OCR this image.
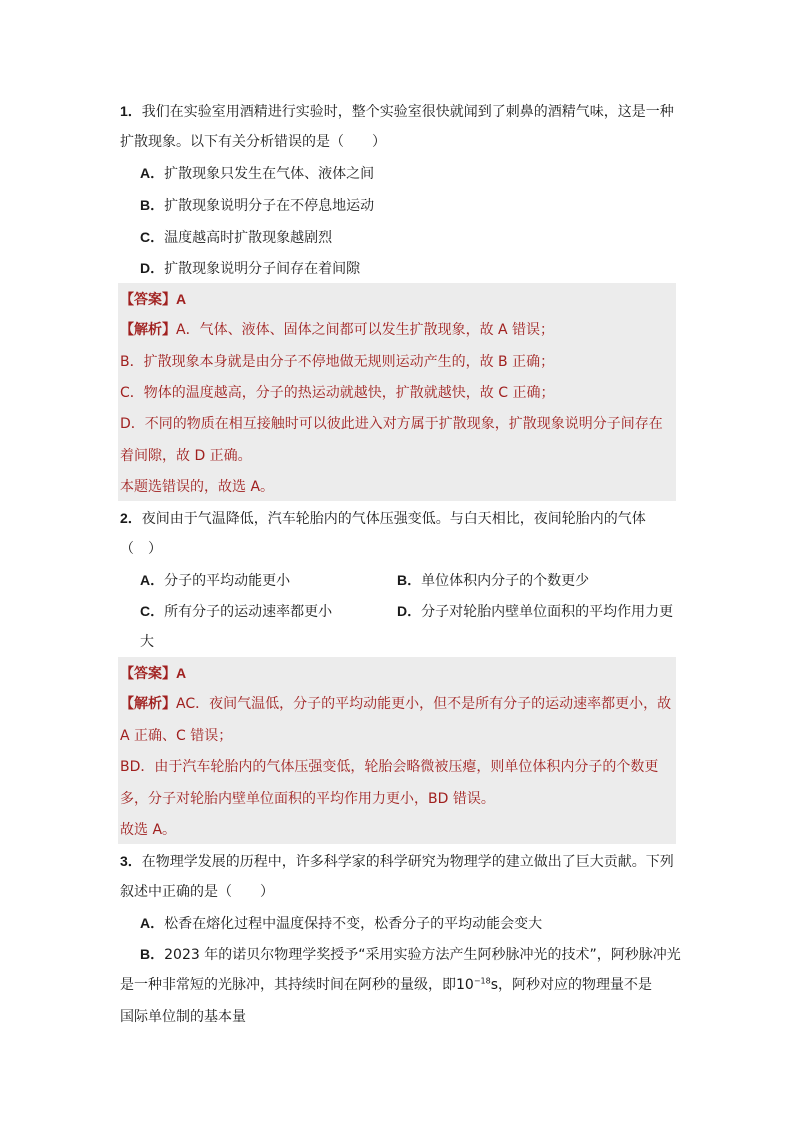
1．我们在实验室用酒精进行实验时，整个实验室很快就闻到了刺鼻的酒精气味，这是一种
扩散现象。以下有关分析错误的是（　　）
A．扩散现象只发生在气体、液体之间
B．扩散现象说明分子在不停息地运动
C．温度越高时扩散现象越剧烈
D．扩散现象说明分子间存在着间隙
【答案】A
【解析】A．气体、液体、固体之间都可以发生扩散现象，故 A 错误；
B．扩散现象本身就是由分子不停地做无规则运动产生的，故 B 正确；
C．物体的温度越高，分子的热运动就越快，扩散就越快，故 C 正确；
D．不同的物质在相互接触时可以彼此进入对方属于扩散现象，扩散现象说明分子间存在
着间隙，故 D 正确。
本题选错误的，故选 A。
2．夜间由于气温降低，汽车轮胎内的气体压强变低。与白天相比，夜间轮胎内的气体
（　）
A．分子的平均动能更小	B．单位体积内分子的个数更少
C．所有分子的运动速率都更小	D．分子对轮胎内壁单位面积的平均作用力更
大
【答案】A
【解析】AC．夜间气温低，分子的平均动能更小，但不是所有分子的运动速率都更小，故
A 正确、C 错误；
BD．由于汽车轮胎内的气体压强变低，轮胎会略微被压瘪，则单位体积内分子的个数更
多，分子对轮胎内壁单位面积的平均作用力更小，BD 错误。
故选 A。
3．在物理学发展的历程中，许多科学家的科学研究为物理学的建立做出了巨大贡献。下列
叙述中正确的是（　　）
A．松香在熔化过程中温度保持不变，松香分子的平均动能会变大
B．2023 年的诺贝尔物理学奖授予“采用实验方法产生阿秒脉冲光的技术”，阿秒脉冲光
是一种非常短的光脉冲，其持续时间在阿秒的量级，即$10^{-18}s$，阿秒对应的物理量不是
国际单位制的基本量
